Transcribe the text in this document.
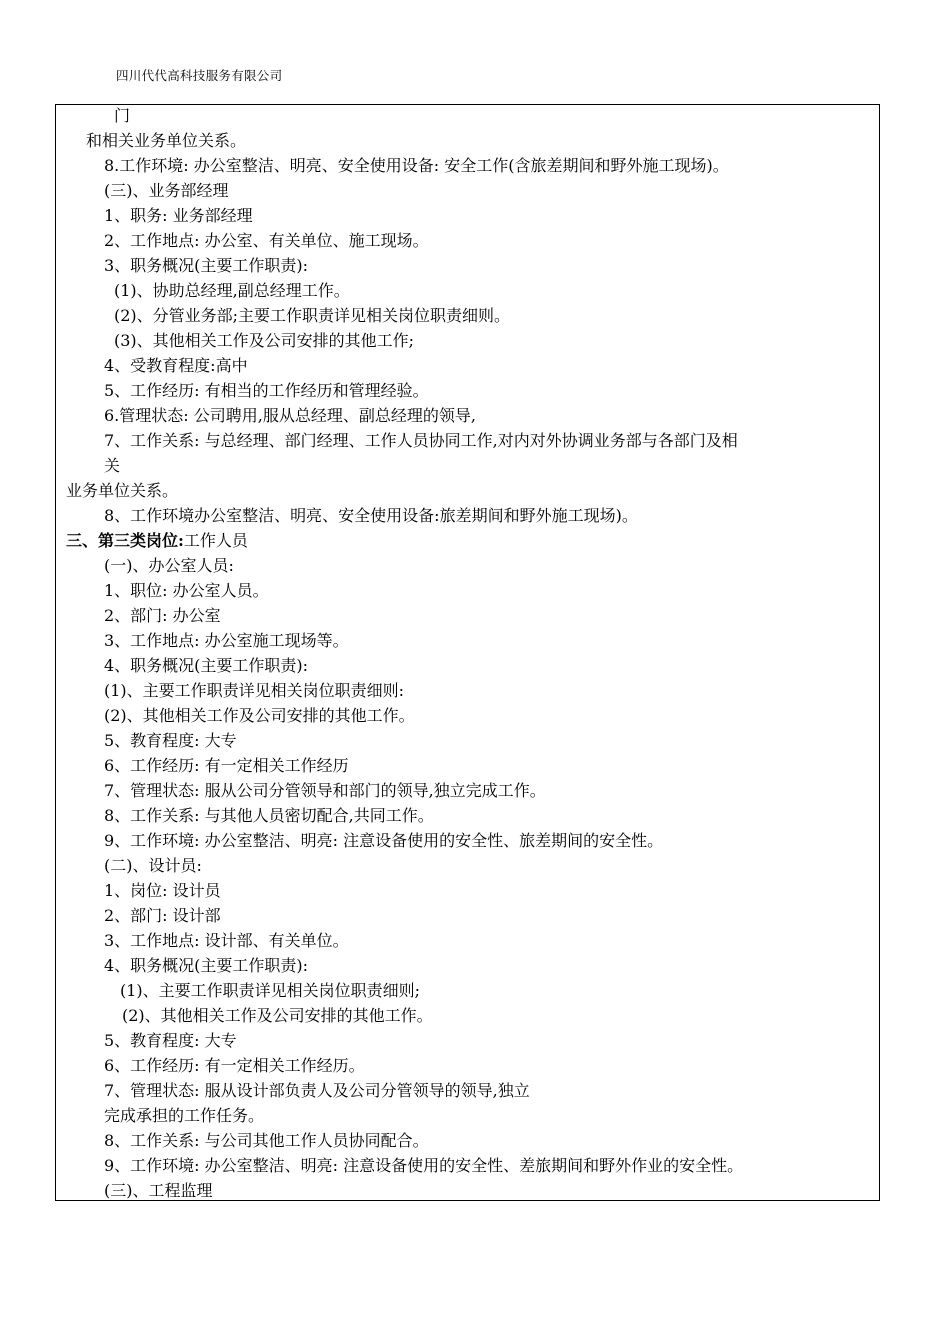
四川代代高科技服务有限公司
门
和相关业务单位关系。
8.工作环境: 办公室整洁、明亮、安全使用设备: 安全工作(含旅差期间和野外施工现场)。
(三)、业务部经理
1、职务: 业务部经理
2、工作地点: 办公室、有关单位、施工现场。
3、职务概况(主要工作职责):
(1)、协助总经理,副总经理工作。
(2)、分管业务部;主要工作职责详见相关岗位职责细则。
(3)、其他相关工作及公司安排的其他工作;
4、受教育程度:高中
5、工作经历: 有相当的工作经历和管理经验。
6.管理状态: 公司聘用,服从总经理、副总经理的领导,
7、工作关系: 与总经理、部门经理、工作人员协同工作,对内对外协调业务部与各部门及相
关
业务单位关系。
8、工作环境办公室整洁、明亮、安全使用设备:旅差期间和野外施工现场)。
三、第三类岗位:工作人员
(一)、办公室人员:
1、职位: 办公室人员。
2、部门: 办公室
3、工作地点: 办公室施工现场等。
4、职务概况(主要工作职责):
(1)、主要工作职责详见相关岗位职责细则:
(2)、其他相关工作及公司安排的其他工作。
5、教育程度: 大专
6、工作经历: 有一定相关工作经历
7、管理状态: 服从公司分管领导和部门的领导,独立完成工作。
8、工作关系: 与其他人员密切配合,共同工作。
9、工作环境: 办公室整洁、明亮: 注意设备使用的安全性、旅差期间的安全性。
(二)、设计员:
1、岗位: 设计员
2、部门: 设计部
3、工作地点: 设计部、有关单位。
4、职务概况(主要工作职责):
(1)、主要工作职责详见相关岗位职责细则;
(2)、其他相关工作及公司安排的其他工作。
5、教育程度: 大专
6、工作经历: 有一定相关工作经历。
7、管理状态: 服从设计部负责人及公司分管领导的领导,独立
完成承担的工作任务。
8、工作关系: 与公司其他工作人员协同配合。
9、工作环境: 办公室整洁、明亮: 注意设备使用的安全性、差旅期间和野外作业的安全性。
(三)、工程监理
